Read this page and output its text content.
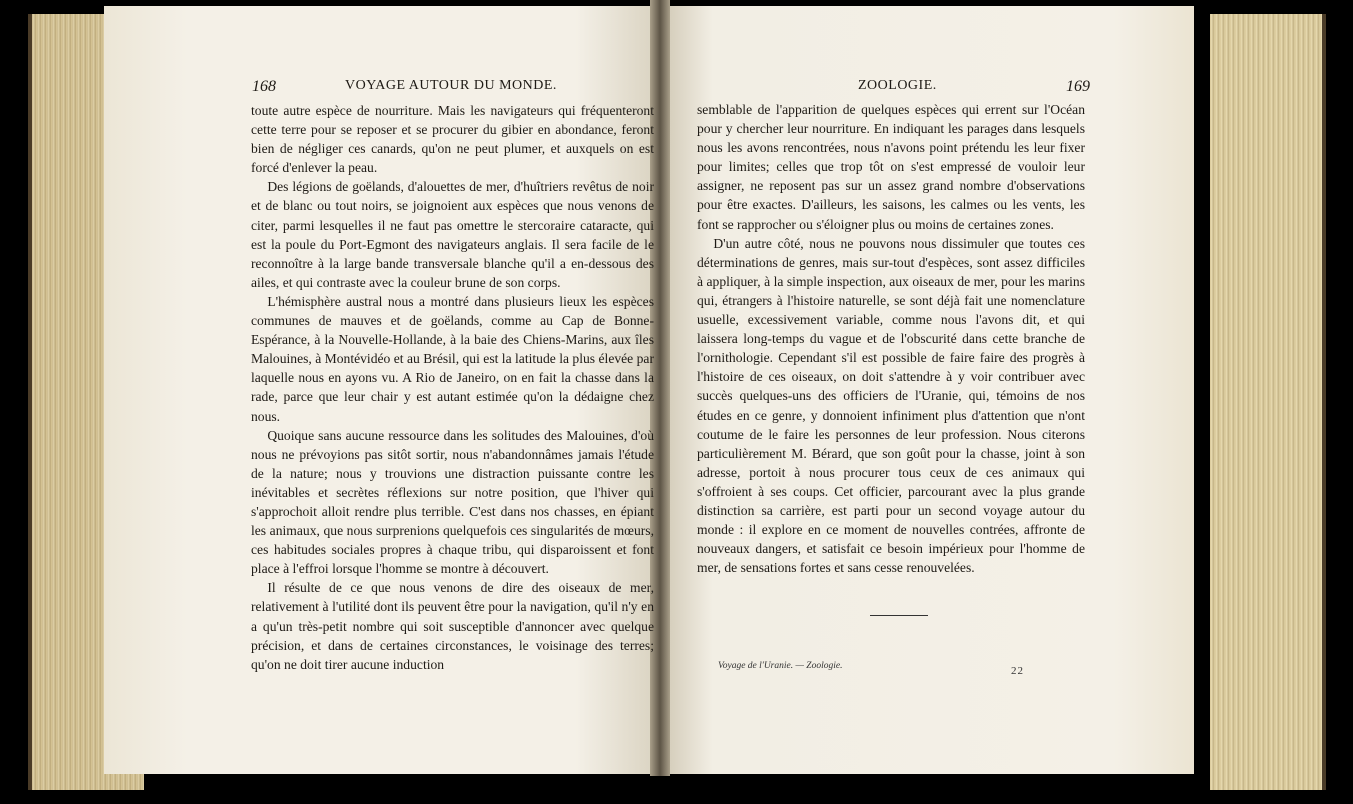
168	VOYAGE AUTOUR DU MONDE.

toute autre espèce de nourriture. Mais les navigateurs qui fréquenteront cette terre pour se reposer et se procurer du gibier en abondance, feront bien de négliger ces canards, qu'on ne peut plumer, et auxquels on est forcé d'enlever la peau.

Des légions de goëlands, d'alouettes de mer, d'huîtriers revêtus de noir et de blanc ou tout noirs, se joignoient aux espèces que nous venons de citer, parmi lesquelles il ne faut pas omettre le stercoraire cataracte, qui est la poule du Port-Egmont des navigateurs anglais. Il sera facile de le reconnoître à la large bande transversale blanche qu'il a en-dessous des ailes, et qui contraste avec la couleur brune de son corps.

L'hémisphère austral nous a montré dans plusieurs lieux les espèces communes de mauves et de goëlands, comme au Cap de Bonne-Espérance, à la Nouvelle-Hollande, à la baie des Chiens-Marins, aux îles Malouines, à Montévidéo et au Brésil, qui est la latitude la plus élevée par laquelle nous en ayons vu. A Rio de Janeiro, on en fait la chasse dans la rade, parce que leur chair y est autant estimée qu'on la dédaigne chez nous.

Quoique sans aucune ressource dans les solitudes des Malouines, d'où nous ne prévoyions pas sitôt sortir, nous n'abandonnâmes jamais l'étude de la nature; nous y trouvions une distraction puissante contre les inévitables et secrètes réflexions sur notre position, que l'hiver qui s'approchoit alloit rendre plus terrible. C'est dans nos chasses, en épiant les animaux, que nous surprenions quelquefois ces singularités de mœurs, ces habitudes sociales propres à chaque tribu, qui disparoissent et font place à l'effroi lorsque l'homme se montre à découvert.

Il résulte de ce que nous venons de dire des oiseaux de mer, relativement à l'utilité dont ils peuvent être pour la navigation, qu'il n'y en a qu'un très-petit nombre qui soit susceptible d'annoncer avec quelque précision, et dans de certaines circonstances, le voisinage des terres; qu'on ne doit tirer aucune induction

ZOOLOGIE.	169

semblable de l'apparition de quelques espèces qui errent sur l'Océan pour y chercher leur nourriture. En indiquant les parages dans lesquels nous les avons rencontrées, nous n'avons point prétendu les leur fixer pour limites; celles que trop tôt on s'est empressé de vouloir leur assigner, ne reposent pas sur un assez grand nombre d'observations pour être exactes. D'ailleurs, les saisons, les calmes ou les vents, les font se rapprocher ou s'éloigner plus ou moins de certaines zones.

D'un autre côté, nous ne pouvons nous dissimuler que toutes ces déterminations de genres, mais sur-tout d'espèces, sont assez difficiles à appliquer, à la simple inspection, aux oiseaux de mer, pour les marins qui, étrangers à l'histoire naturelle, se sont déjà fait une nomenclature usuelle, excessivement variable, comme nous l'avons dit, et qui laissera long-temps du vague et de l'obscurité dans cette branche de l'ornithologie. Cependant s'il est possible de faire faire des progrès à l'histoire de ces oiseaux, on doit s'attendre à y voir contribuer avec succès quelques-uns des officiers de l'Uranie, qui, témoins de nos études en ce genre, y donnoient infiniment plus d'attention que n'ont coutume de le faire les personnes de leur profession. Nous citerons particulièrement M. Bérard, que son goût pour la chasse, joint à son adresse, portoit à nous procurer tous ceux de ces animaux qui s'offroient à ses coups. Cet officier, parcourant avec la plus grande distinction sa carrière, est parti pour un second voyage autour du monde : il explore en ce moment de nouvelles contrées, affronte de nouveaux dangers, et satisfait ce besoin impérieux pour l'homme de mer, de sensations fortes et sans cesse renouvelées.

Voyage de l'Uranie. — Zoologie.	22
